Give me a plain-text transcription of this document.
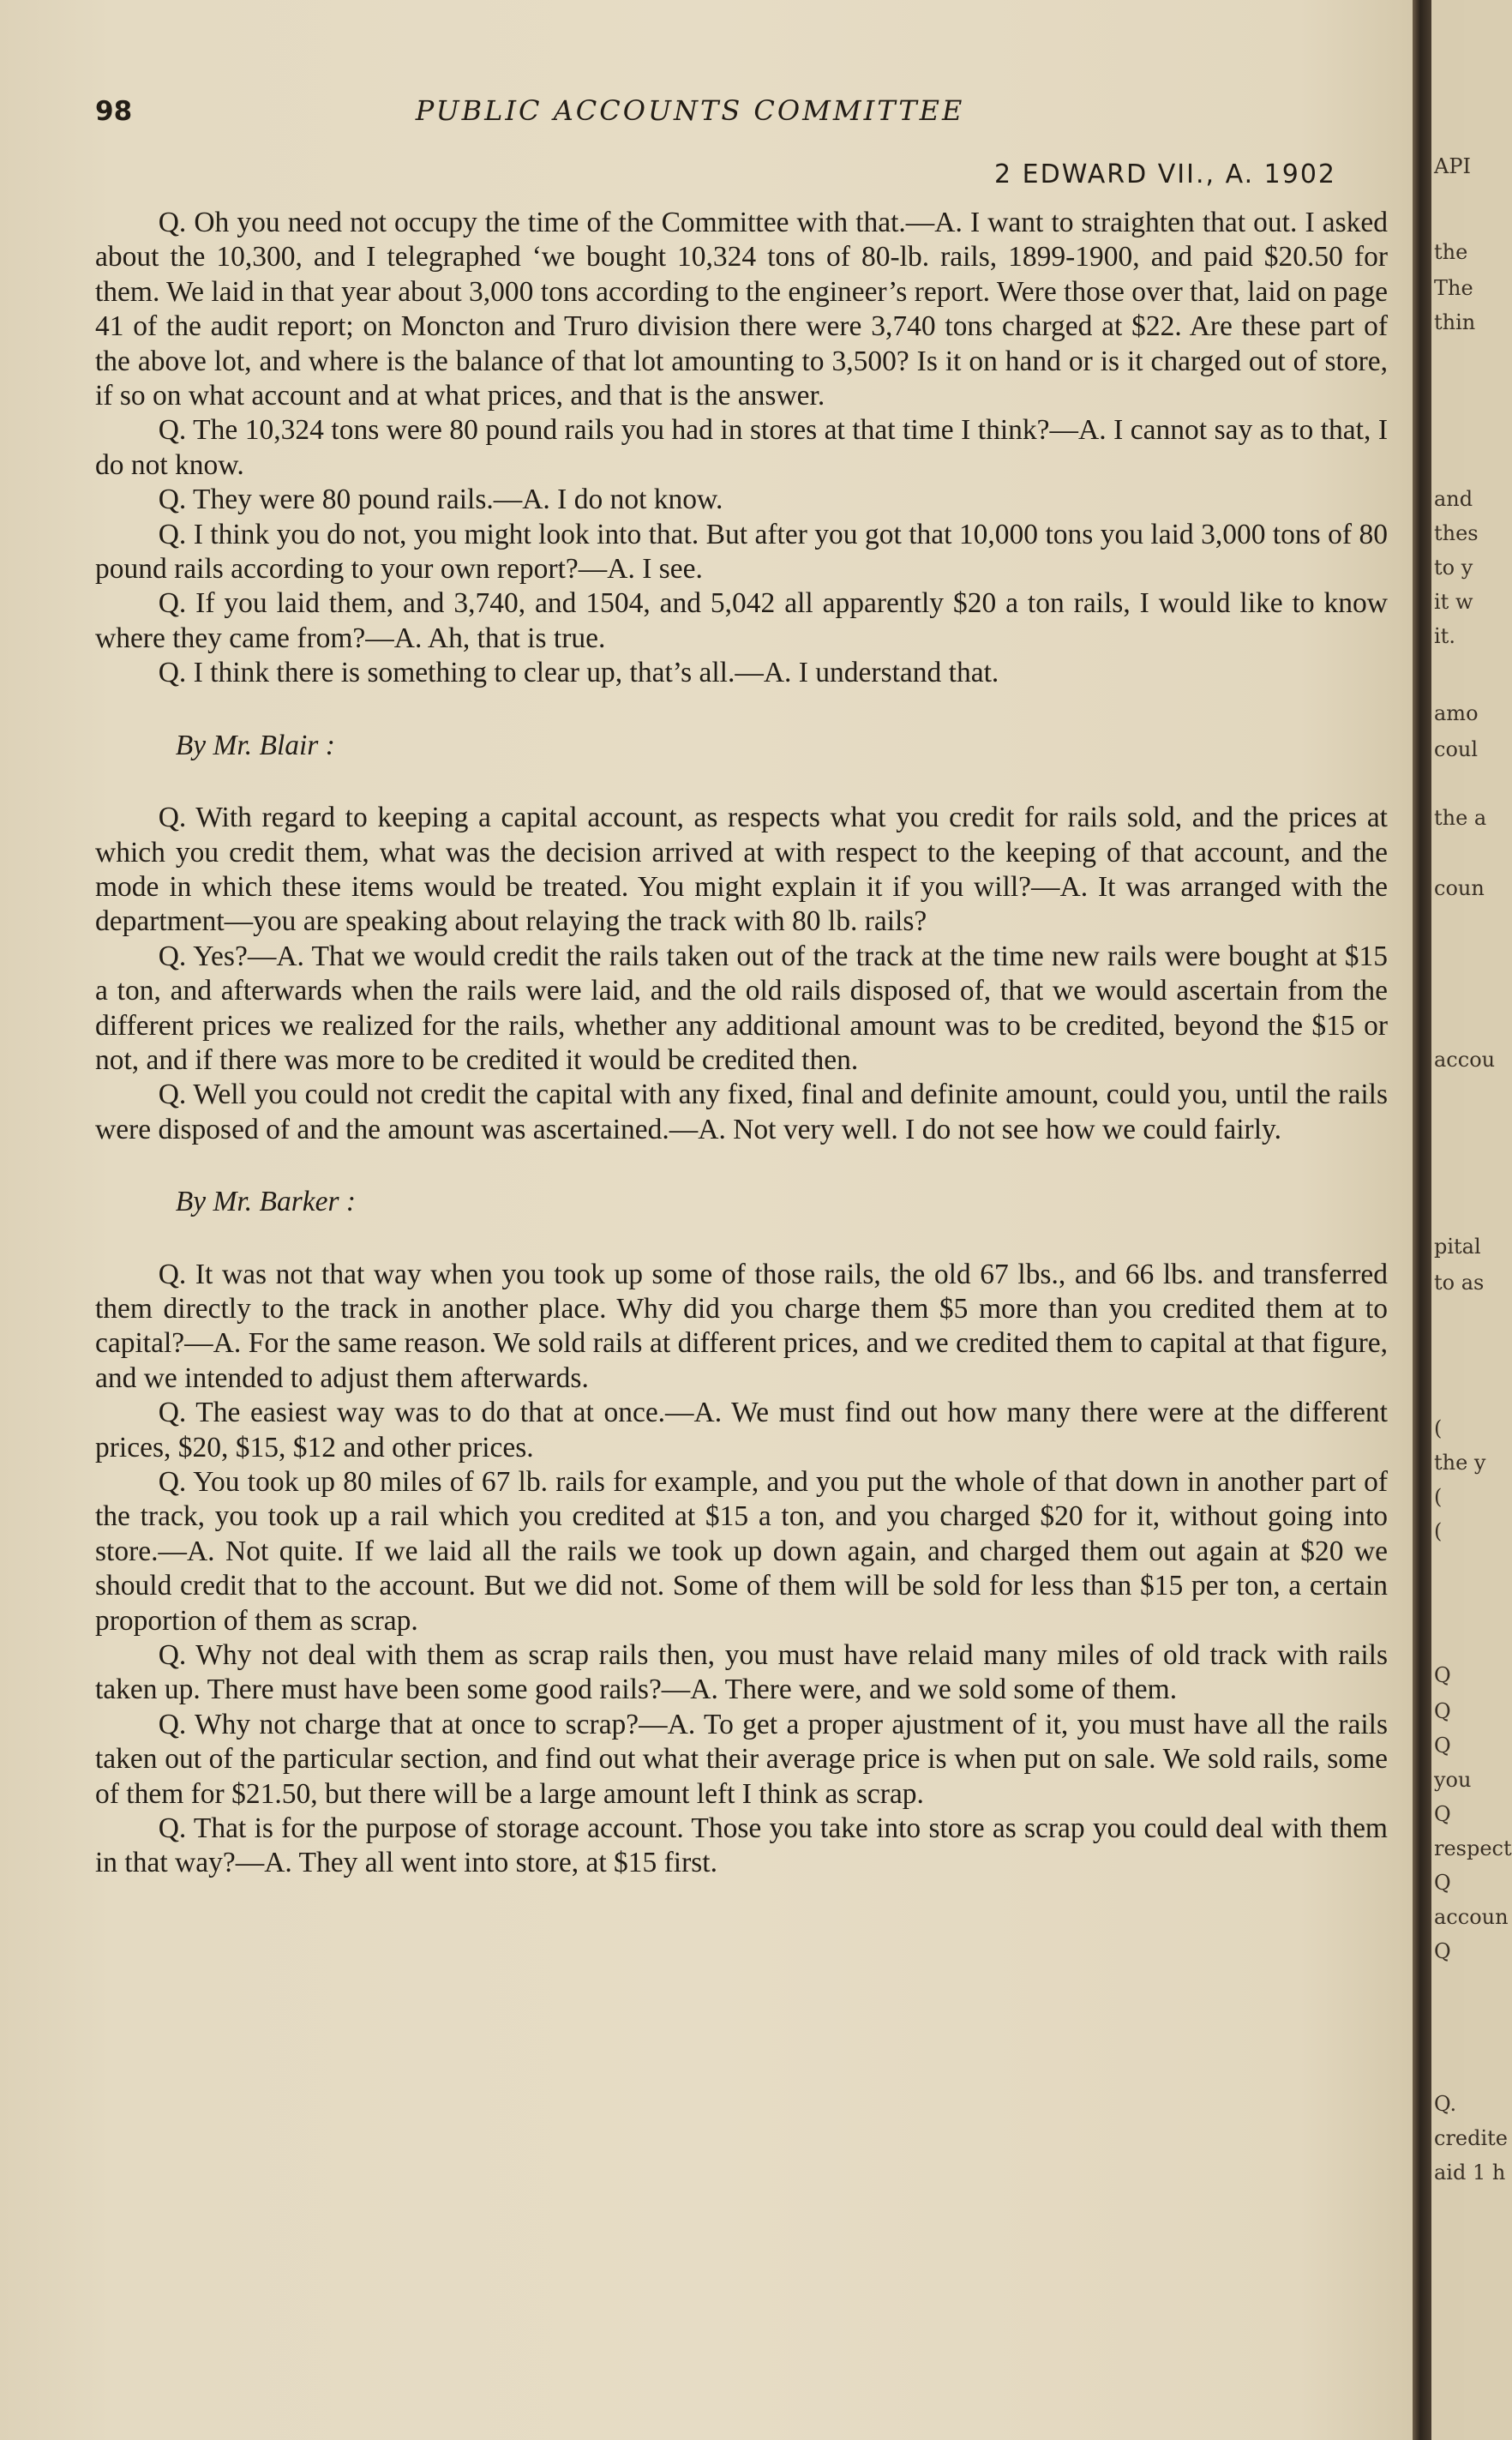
98	PUBLIC ACCOUNTS COMMITTEE

2 EDWARD VII., A. 1902

Q. Oh you need not occupy the time of the Committee with that.—A. I want to straighten that out. I asked about the 10,300, and I telegraphed ‘we bought 10,324 tons of 80-lb. rails, 1899-1900, and paid $20.50 for them. We laid in that year about 3,000 tons according to the engineer’s report. Were those over that, laid on page 41 of the audit report; on Moncton and Truro division there were 3,740 tons charged at $22. Are these part of the above lot, and where is the balance of that lot amounting to 3,500? Is it on hand or is it charged out of store, if so on what account and at what prices, and that is the answer.

Q. The 10,324 tons were 80 pound rails you had in stores at that time I think?—A. I cannot say as to that, I do not know.

Q. They were 80 pound rails.—A. I do not know.

Q. I think you do not, you might look into that. But after you got that 10,000 tons you laid 3,000 tons of 80 pound rails according to your own report?—A. I see.

Q. If you laid them, and 3,740, and 1504, and 5,042 all apparently $20 a ton rails, I would like to know where they came from?—A. Ah, that is true.

Q. I think there is something to clear up, that’s all.—A. I understand that.

By Mr. Blair :

Q. With regard to keeping a capital account, as respects what you credit for rails sold, and the prices at which you credit them, what was the decision arrived at with respect to the keeping of that account, and the mode in which these items would be treated. You might explain it if you will?—A. It was arranged with the department—you are speaking about relaying the track with 80 lb. rails?

Q. Yes?—A. That we would credit the rails taken out of the track at the time new rails were bought at $15 a ton, and afterwards when the rails were laid, and the old rails disposed of, that we would ascertain from the different prices we realized for the rails, whether any additional amount was to be credited, beyond the $15 or not, and if there was more to be credited it would be credited then.

Q. Well you could not credit the capital with any fixed, final and definite amount, could you, until the rails were disposed of and the amount was ascertained.—A. Not very well. I do not see how we could fairly.

By Mr. Barker :

Q. It was not that way when you took up some of those rails, the old 67 lbs., and 66 lbs. and transferred them directly to the track in another place. Why did you charge them $5 more than you credited them at to capital?—A. For the same reason. We sold rails at different prices, and we credited them to capital at that figure, and we intended to adjust them afterwards.

Q. The easiest way was to do that at once.—A. We must find out how many there were at the different prices, $20, $15, $12 and other prices.

Q. You took up 80 miles of 67 lb. rails for example, and you put the whole of that down in another part of the track, you took up a rail which you credited at $15 a ton, and you charged $20 for it, without going into store.—A. Not quite. If we laid all the rails we took up down again, and charged them out again at $20 we should credit that to the account. But we did not. Some of them will be sold for less than $15 per ton, a certain proportion of them as scrap.

Q. Why not deal with them as scrap rails then, you must have relaid many miles of old track with rails taken up. There must have been some good rails?—A. There were, and we sold some of them.

Q. Why not charge that at once to scrap?—A. To get a proper ajustment of it, you must have all the rails taken out of the particular section, and find out what their average price is when put on sale. We sold rails, some of them for $21.50, but there will be a large amount left I think as scrap.

Q. That is for the purpose of storage account. Those you take into store as scrap you could deal with them in that way?—A. They all went into store, at $15 first.

API
the
The
thin
and
thes
to y
it w
it.
amo
coul
the a
coun
accou
pital
to as
(
the y
(
(
Q
Q
Q
you
Q
respect
Q
accoun
Q
Q.
credite
aid 1 h
